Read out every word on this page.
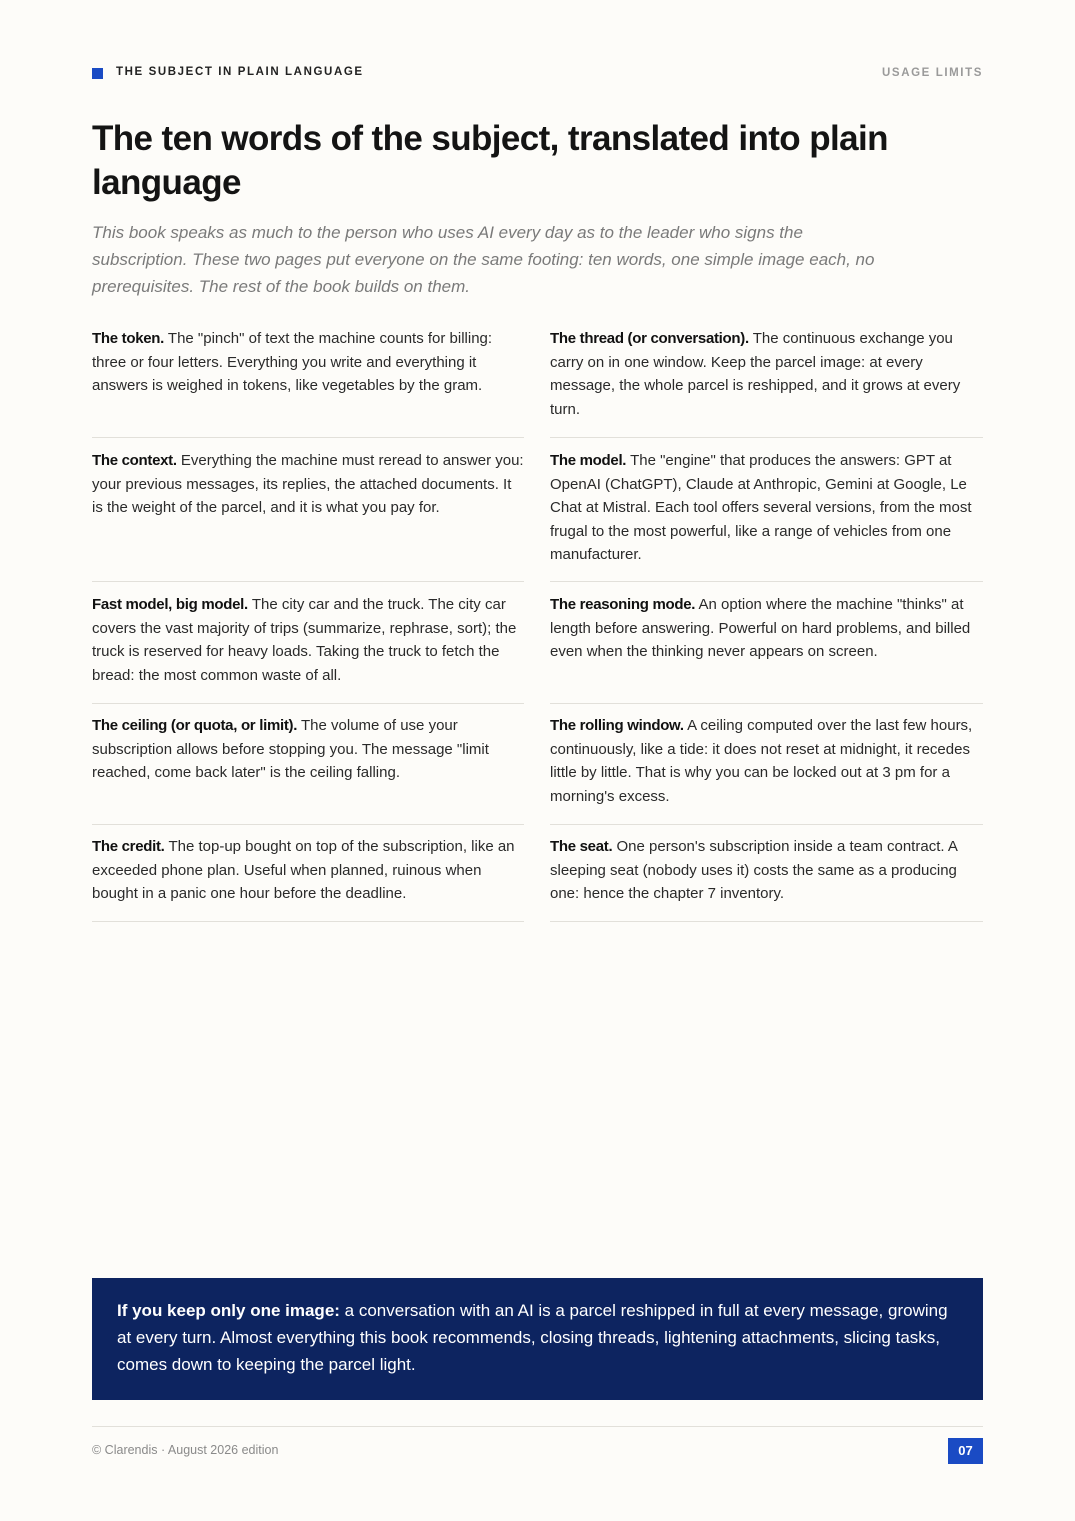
THE SUBJECT IN PLAIN LANGUAGE	USAGE LIMITS
The ten words of the subject, translated into plain language

This book speaks as much to the person who uses AI every day as to the leader who signs the subscription. These two pages put everyone on the same footing: ten words, one simple image each, no prerequisites. The rest of the book builds on them.

The token. The "pinch" of text the machine counts for billing: three or four letters. Everything you write and everything it answers is weighed in tokens, like vegetables by the gram.
The thread (or conversation). The continuous exchange you carry on in one window. Keep the parcel image: at every message, the whole parcel is reshipped, and it grows at every turn.
The context. Everything the machine must reread to answer you: your previous messages, its replies, the attached documents. It is the weight of the parcel, and it is what you pay for.
The model. The "engine" that produces the answers: GPT at OpenAI (ChatGPT), Claude at Anthropic, Gemini at Google, Le Chat at Mistral. Each tool offers several versions, from the most frugal to the most powerful, like a range of vehicles from one manufacturer.
Fast model, big model. The city car and the truck. The city car covers the vast majority of trips (summarize, rephrase, sort); the truck is reserved for heavy loads. Taking the truck to fetch the bread: the most common waste of all.
The reasoning mode. An option where the machine "thinks" at length before answering. Powerful on hard problems, and billed even when the thinking never appears on screen.
The ceiling (or quota, or limit). The volume of use your subscription allows before stopping you. The message "limit reached, come back later" is the ceiling falling.
The rolling window. A ceiling computed over the last few hours, continuously, like a tide: it does not reset at midnight, it recedes little by little. That is why you can be locked out at 3 pm for a morning's excess.
The credit. The top-up bought on top of the subscription, like an exceeded phone plan. Useful when planned, ruinous when bought in a panic one hour before the deadline.
The seat. One person's subscription inside a team contract. A sleeping seat (nobody uses it) costs the same as a producing one: hence the chapter 7 inventory.
If you keep only one image: a conversation with an AI is a parcel reshipped in full at every message, growing at every turn. Almost everything this book recommends, closing threads, lightening attachments, slicing tasks, comes down to keeping the parcel light.
© Clarendis · August 2026 edition	07
